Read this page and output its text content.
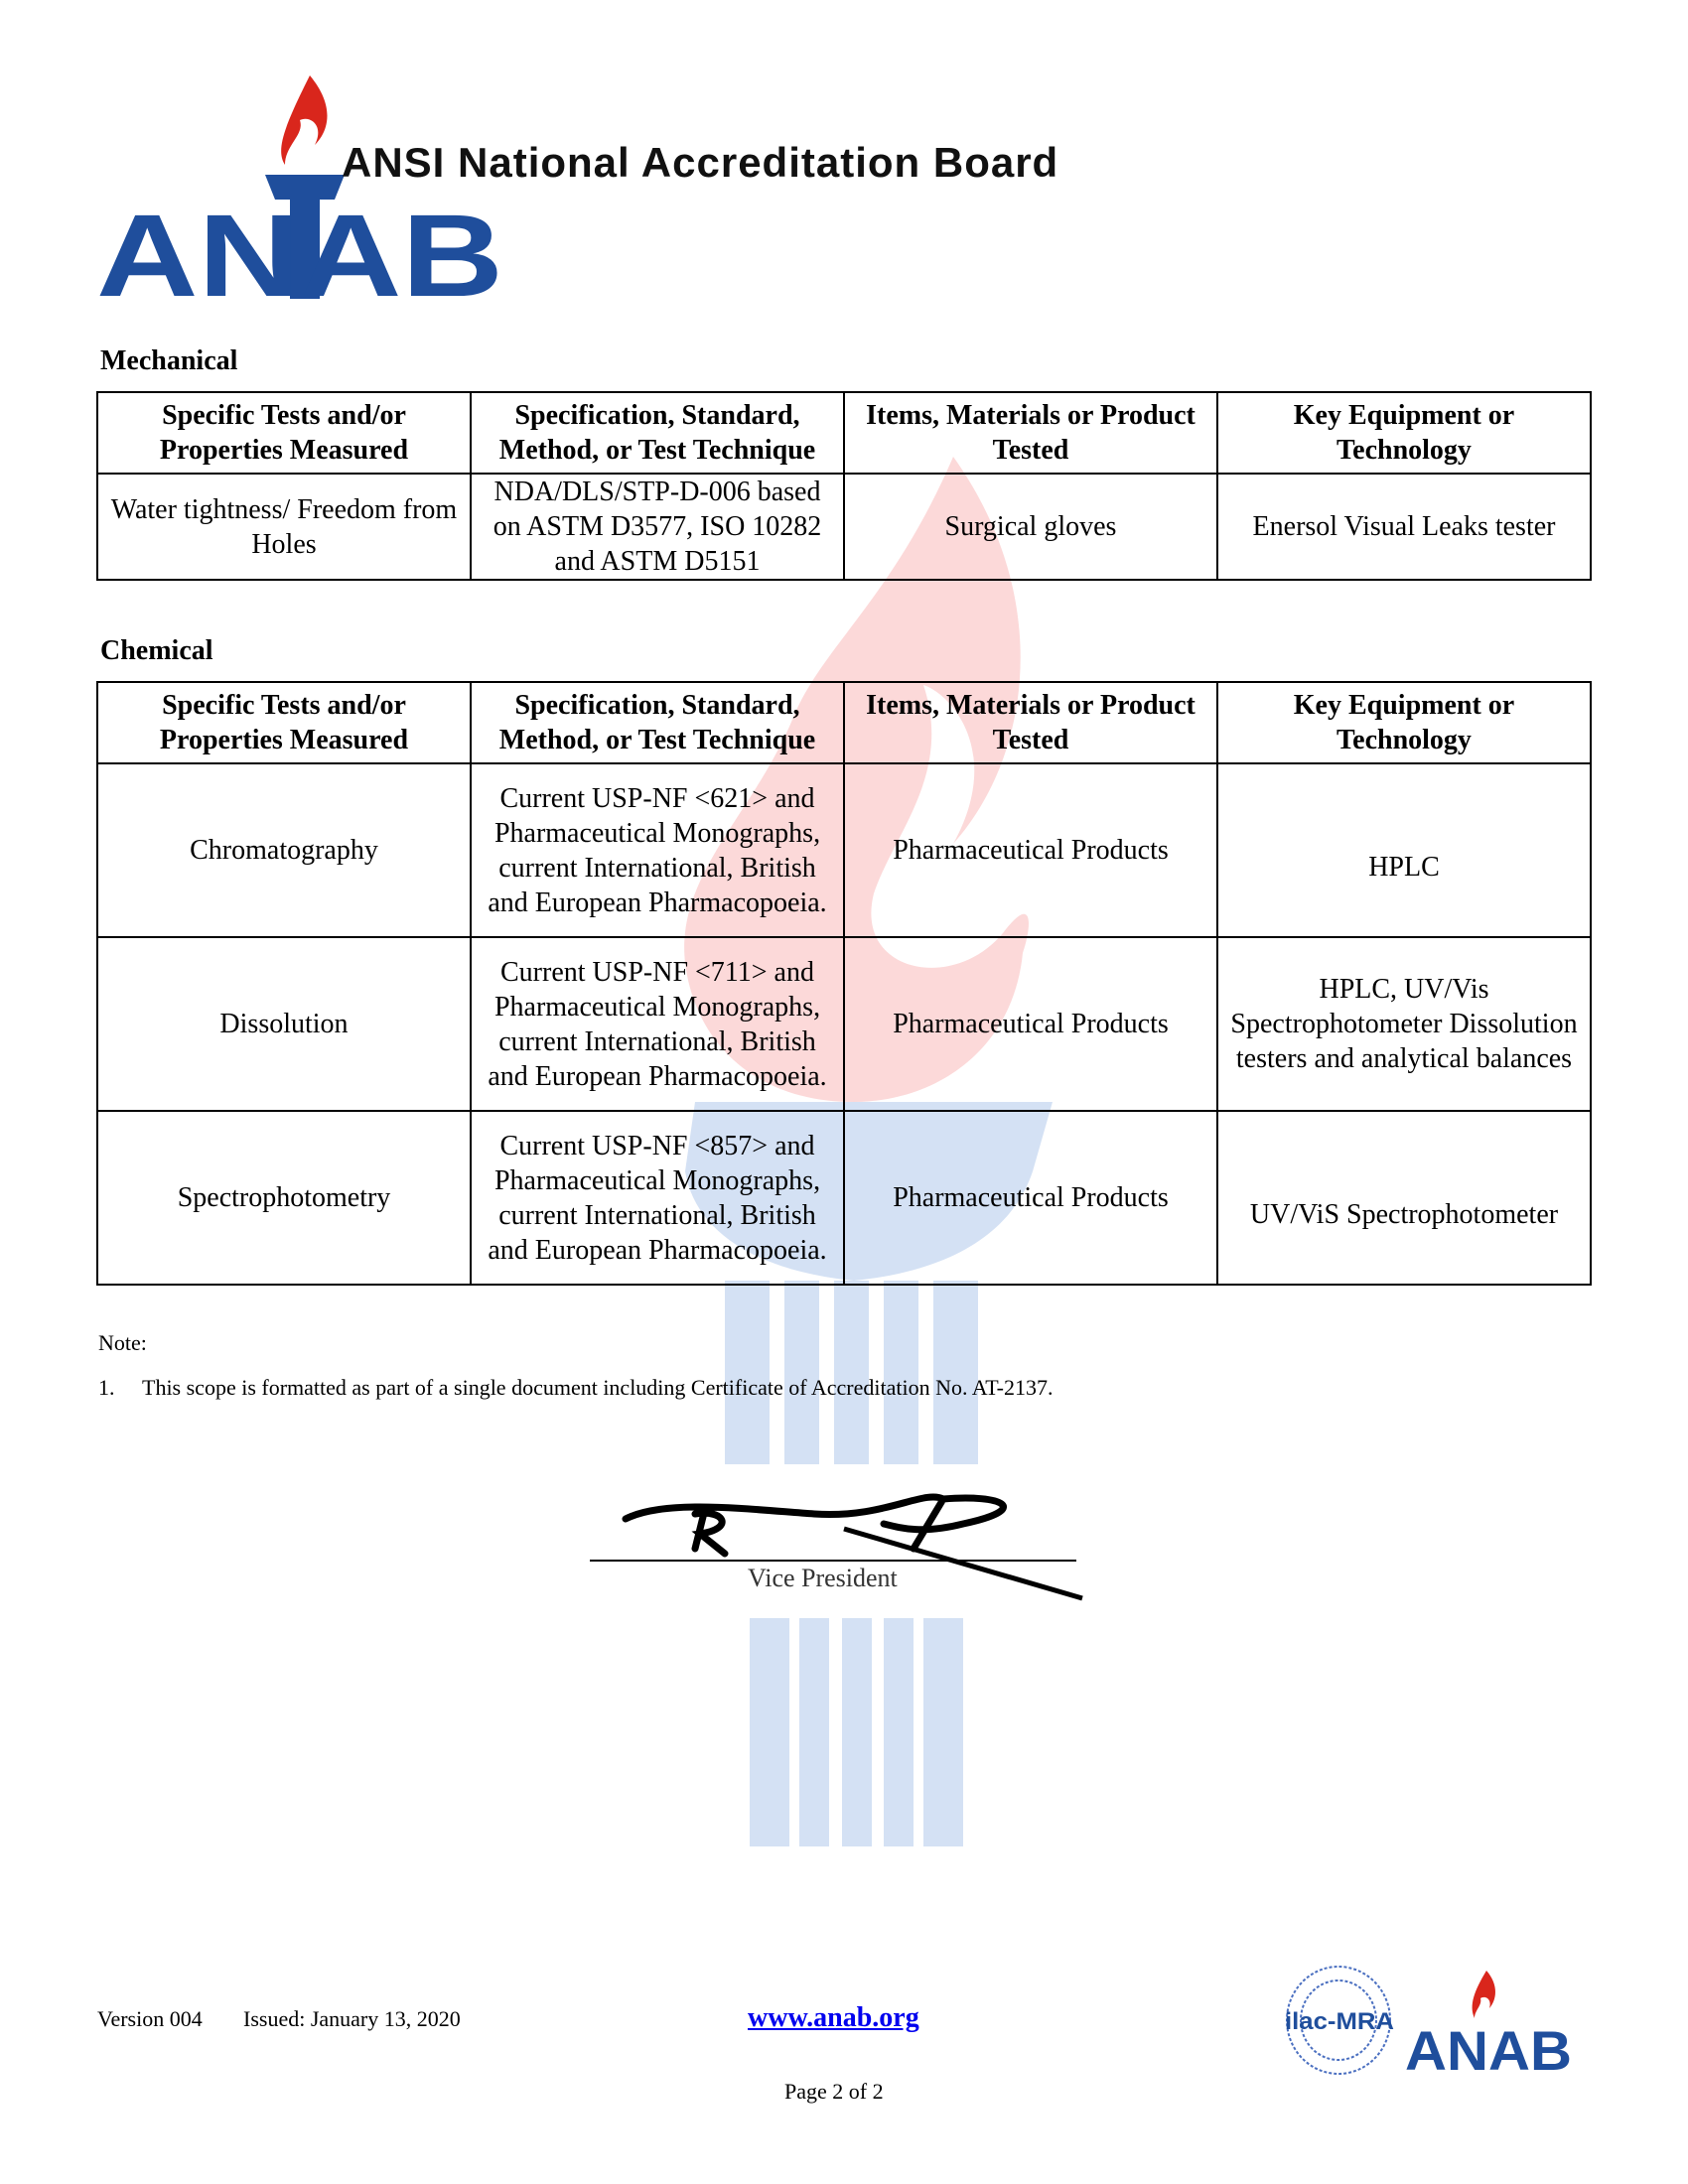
ANAB
ANSI National Accreditation Board
Mechanical
Specific Tests and/or Properties Measured	Specification, Standard, Method, or Test Technique	Items, Materials or Product Tested	Key Equipment or Technology
Water tightness/ Freedom from Holes	NDA/DLS/STP-D-006 based on ASTM D3577, ISO 10282 and ASTM D5151	Surgical gloves	Enersol Visual Leaks tester
Chemical
Specific Tests and/or Properties Measured	Specification, Standard, Method, or Test Technique	Items, Materials or Product Tested	Key Equipment or Technology
Chromatography	Current USP-NF <621> and Pharmaceutical Monographs, current International, British and European Pharmacopoeia.	Pharmaceutical Products	HPLC
Dissolution	Current USP-NF <711> and Pharmaceutical Monographs, current International, British and European Pharmacopoeia.	Pharmaceutical Products	HPLC, UV/Vis Spectrophotometer Dissolution testers and analytical balances
Spectrophotometry	Current USP-NF <857> and Pharmaceutical Monographs, current International, British and European Pharmacopoeia.	Pharmaceutical Products	UV/ViS Spectrophotometer
Note:
1. This scope is formatted as part of a single document including Certificate of Accreditation No. AT-2137.
Vice President
Version 004 Issued: January 13, 2020	www.anab.org
Page 2 of 2
ilac-MRA ANAB
